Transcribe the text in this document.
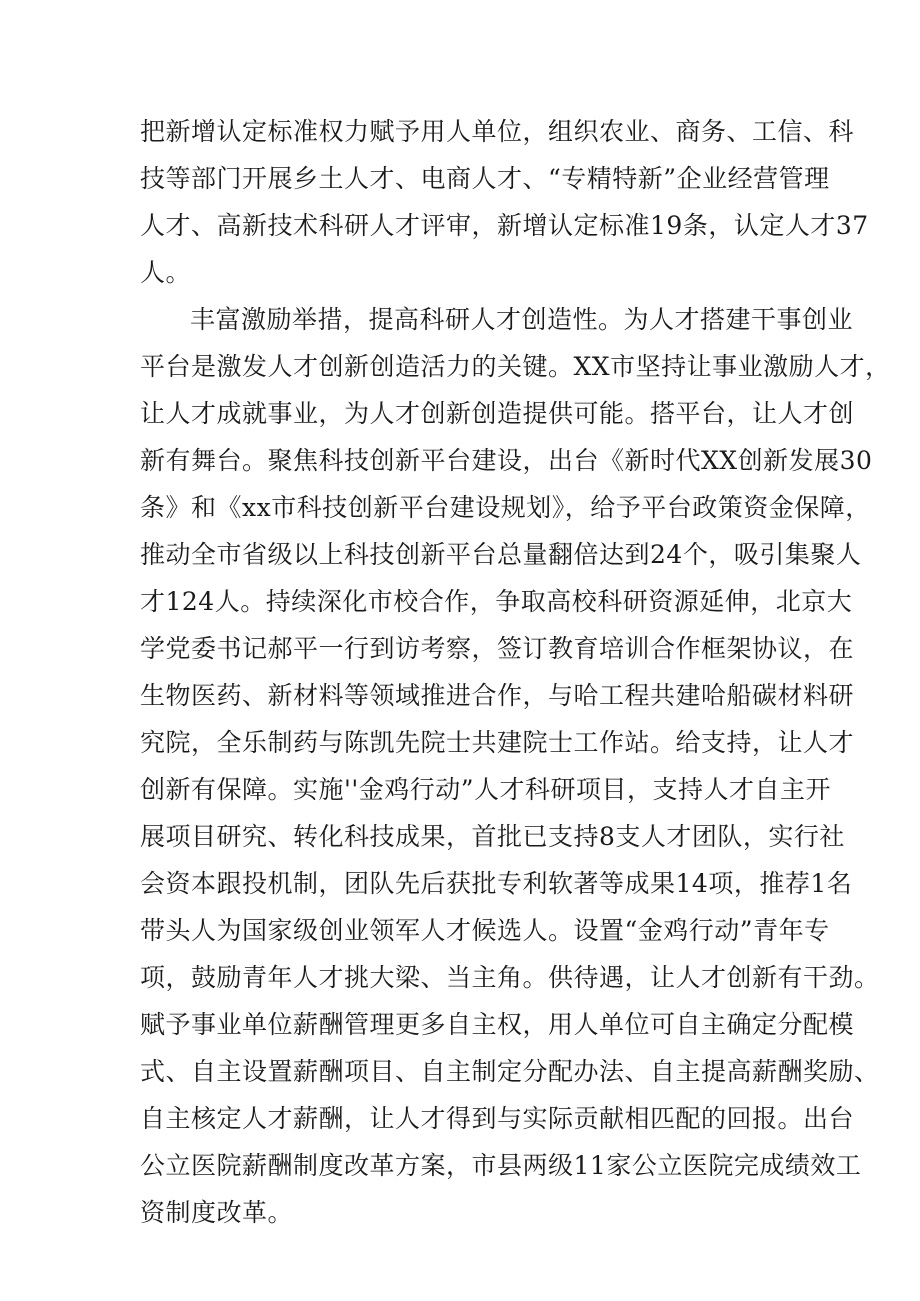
把新增认定标准权力赋予用人单位，组织农业、商务、工信、科
技等部门开展乡土人才、电商人才、“专精特新”企业经营管理
人才、高新技术科研人才评审，新增认定标准19条，认定人才37
人。
丰富激励举措，提高科研人才创造性。为人才搭建干事创业
平台是激发人才创新创造活力的关键。XX市坚持让事业激励人才，
让人才成就事业，为人才创新创造提供可能。搭平台，让人才创
新有舞台。聚焦科技创新平台建设，出台《新时代XX创新发展30
条》和《xx市科技创新平台建设规划》，给予平台政策资金保障，
推动全市省级以上科技创新平台总量翻倍达到24个，吸引集聚人
才124人。持续深化市校合作，争取高校科研资源延伸，北京大
学党委书记郝平一行到访考察，签订教育培训合作框架协议，在
生物医药、新材料等领域推进合作，与哈工程共建哈船碳材料研
究院，全乐制药与陈凯先院士共建院士工作站。给支持，让人才
创新有保障。实施''金鸡行动”人才科研项目，支持人才自主开
展项目研究、转化科技成果，首批已支持8支人才团队，实行社
会资本跟投机制，团队先后获批专利软著等成果14项，推荐1名
带头人为国家级创业领军人才候选人。设置“金鸡行动”青年专
项，鼓励青年人才挑大梁、当主角。供待遇，让人才创新有干劲。
赋予事业单位薪酬管理更多自主权，用人单位可自主确定分配模
式、自主设置薪酬项目、自主制定分配办法、自主提高薪酬奖励、
自主核定人才薪酬，让人才得到与实际贡献相匹配的回报。出台
公立医院薪酬制度改革方案，市县两级11家公立医院完成绩效工
资制度改革。
